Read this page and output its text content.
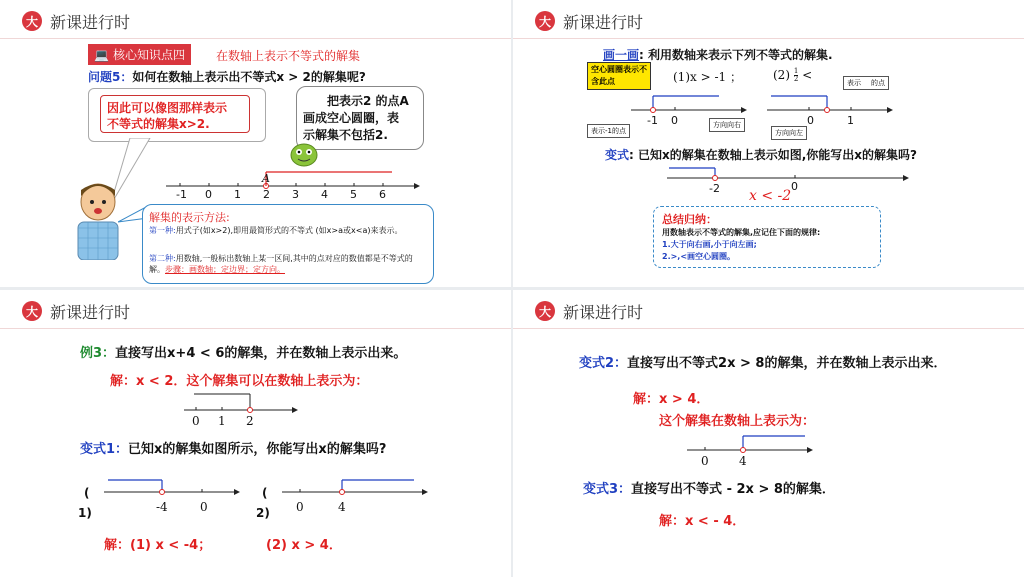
大 新课进行时
💻 核心知识点四	在数轴上表示不等式的解集
问题5：如何在数轴上表示出不等式x > 2的解集呢?
因此可以像图那样表示
不等式的解集x>2.
把表示2 的点A
画成空心圆圈，表
示解集不包括2.
A
解集的表示方法:
第一种:用式子(如x>2),即用最简形式的不等式 (如x>a或x<a)来表示。
第二种:用数轴,一般标出数轴上某一区间,其中的点对应的数值都是不等式的解。步骤：画数轴；定边界；定方向。
-1 0 1 2 3 4 5 6
大 新课进行时
画一画: 利用数轴来表示下列不等式的解集.
空心圆圈表示不含此点	(1)x > -1 ；	$(2) \frac{1}{2}$ <
表示 的点
-1 0
表示-1的点
方向向右	0	1
方向向左
变式: 已知x的解集在数轴上表示如图,你能写出x的解集吗?
-2	0
x < -2
总结归纳：
用数轴表示不等式的解集,应记住下面的规律:
1.大于向右画,小于向左画;
2.>,<画空心圆圈。
大 新课进行时
例3：直接写出x+4 < 6的解集，并在数轴上表示出来。
解：x < 2．这个解集可以在数轴上表示为：
0 1 2
变式1：已知x的解集如图所示，你能写出x的解集吗?
(
1)	-4	0
(
2) 0	4
解：(1) x < -4；	(2) x > 4．
大 新课进行时
变式2：直接写出不等式2x > 8的解集，并在数轴上表示出来．
解：x > 4．
这个解集在数轴上表示为：
0	4
变式3：直接写出不等式 - 2x > 8的解集．
解：x < - 4．
